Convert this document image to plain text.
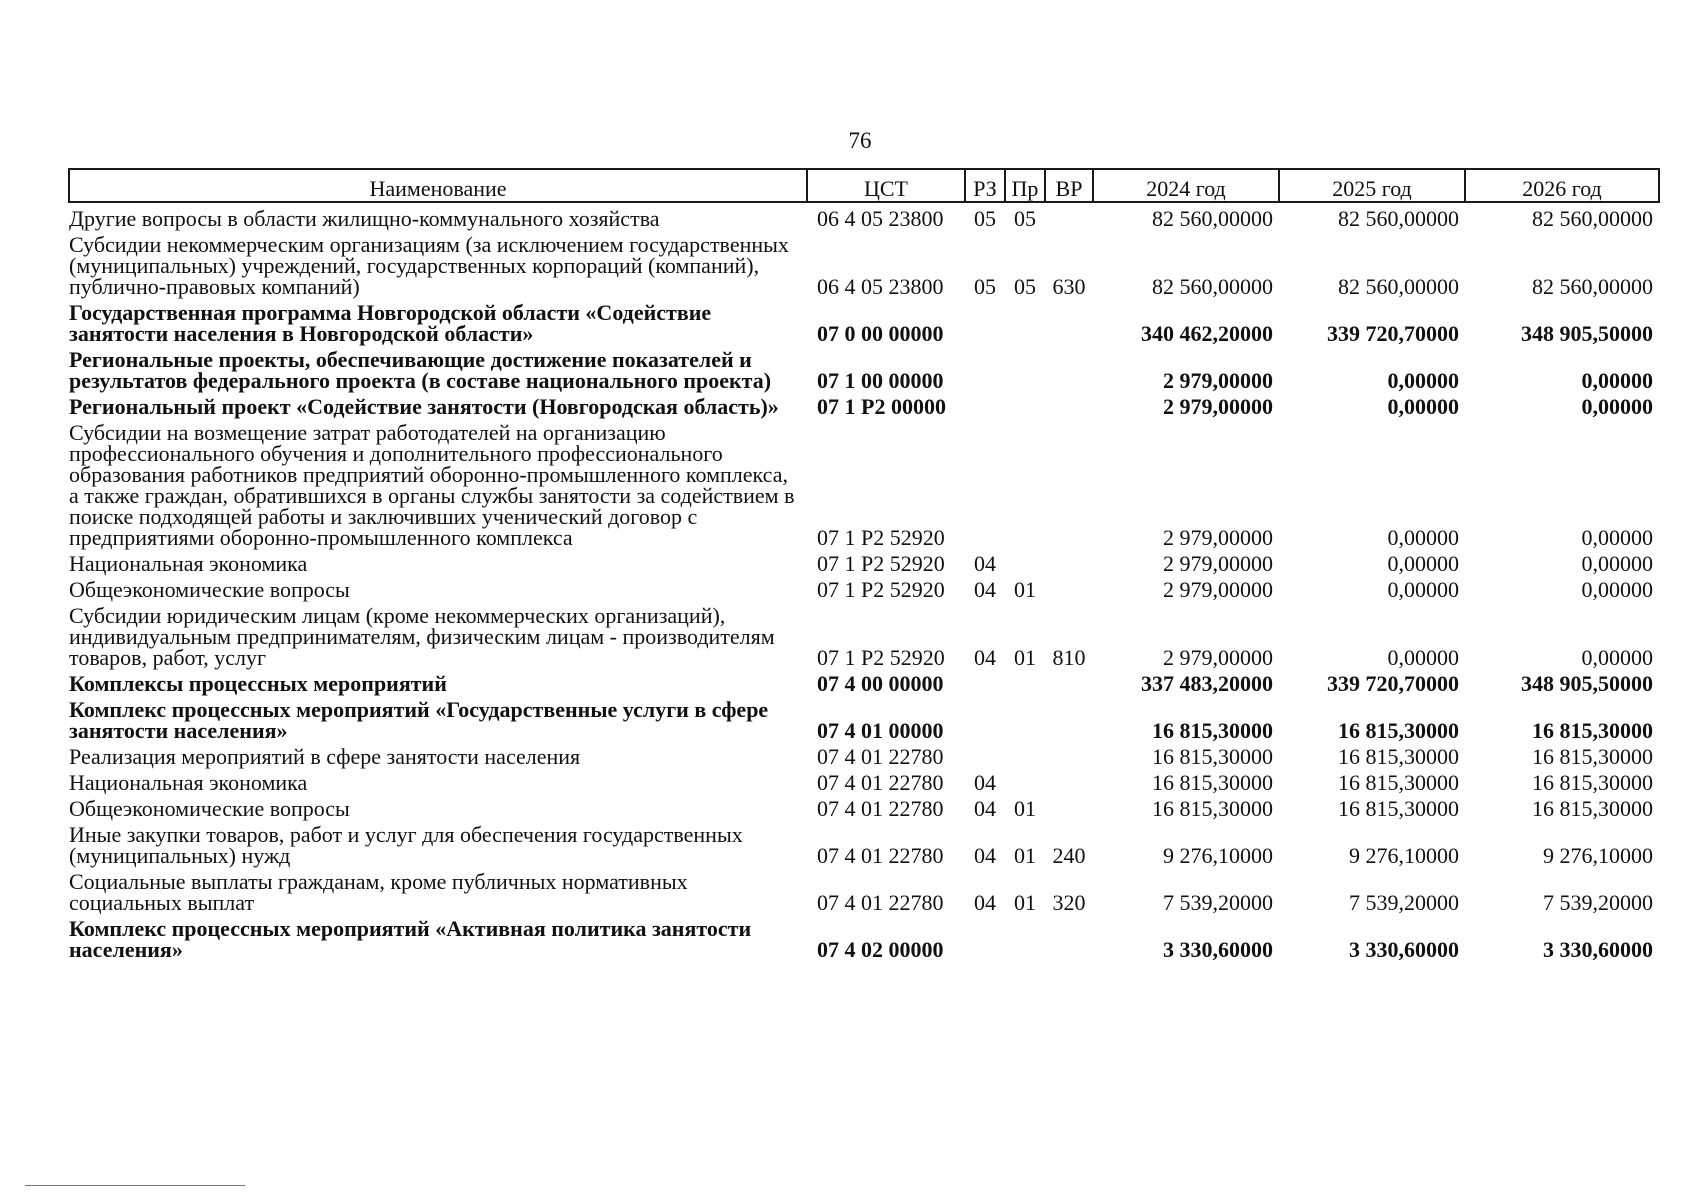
76
Наименование	ЦСТ	РЗ	Пр	ВР	2024 год	2025 год	2026 год
Другие вопросы в области жилищно-коммунального хозяйства	06 4 05 23800	05	05		82 560,00000	82 560,00000	82 560,00000
Субсидии некоммерческим организациям (за исключением государственных (муниципальных) учреждений, государственных корпораций (компаний), публично-правовых компаний)	06 4 05 23800	05	05	630	82 560,00000	82 560,00000	82 560,00000
Государственная программа Новгородской области «Содействие занятости населения в Новгородской области»	07 0 00 00000				340 462,20000	339 720,70000	348 905,50000
Региональные проекты, обеспечивающие достижение показателей и результатов федерального проекта (в составе национального проекта)	07 1 00 00000				2 979,00000	0,00000	0,00000
Региональный проект «Содействие занятости (Новгородская область)»	07 1 Р2 00000				2 979,00000	0,00000	0,00000
Субсидии на возмещение затрат работодателей на организацию профессионального обучения и дополнительного профессионального образования работников предприятий оборонно-промышленного комплекса, а также граждан, обратившихся в органы службы занятости за содействием в поиске подходящей работы и заключивших ученический договор с предприятиями оборонно-промышленного комплекса	07 1 Р2 52920				2 979,00000	0,00000	0,00000
Национальная экономика	07 1 Р2 52920	04			2 979,00000	0,00000	0,00000
Общеэкономические вопросы	07 1 Р2 52920	04	01		2 979,00000	0,00000	0,00000
Субсидии юридическим лицам (кроме некоммерческих организаций), индивидуальным предпринимателям, физическим лицам - производителям товаров, работ, услуг	07 1 Р2 52920	04	01	810	2 979,00000	0,00000	0,00000
Комплексы процессных мероприятий	07 4 00 00000				337 483,20000	339 720,70000	348 905,50000
Комплекс процессных мероприятий «Государственные услуги в сфере занятости населения»	07 4 01 00000				16 815,30000	16 815,30000	16 815,30000
Реализация мероприятий в сфере занятости населения	07 4 01 22780				16 815,30000	16 815,30000	16 815,30000
Национальная экономика	07 4 01 22780	04			16 815,30000	16 815,30000	16 815,30000
Общеэкономические вопросы	07 4 01 22780	04	01		16 815,30000	16 815,30000	16 815,30000
Иные закупки товаров, работ и услуг для обеспечения государственных (муниципальных) нужд	07 4 01 22780	04	01	240	9 276,10000	9 276,10000	9 276,10000
Социальные выплаты гражданам, кроме публичных нормативных социальных выплат	07 4 01 22780	04	01	320	7 539,20000	7 539,20000	7 539,20000
Комплекс процессных мероприятий «Активная политика занятости населения»	07 4 02 00000				3 330,60000	3 330,60000	3 330,60000
